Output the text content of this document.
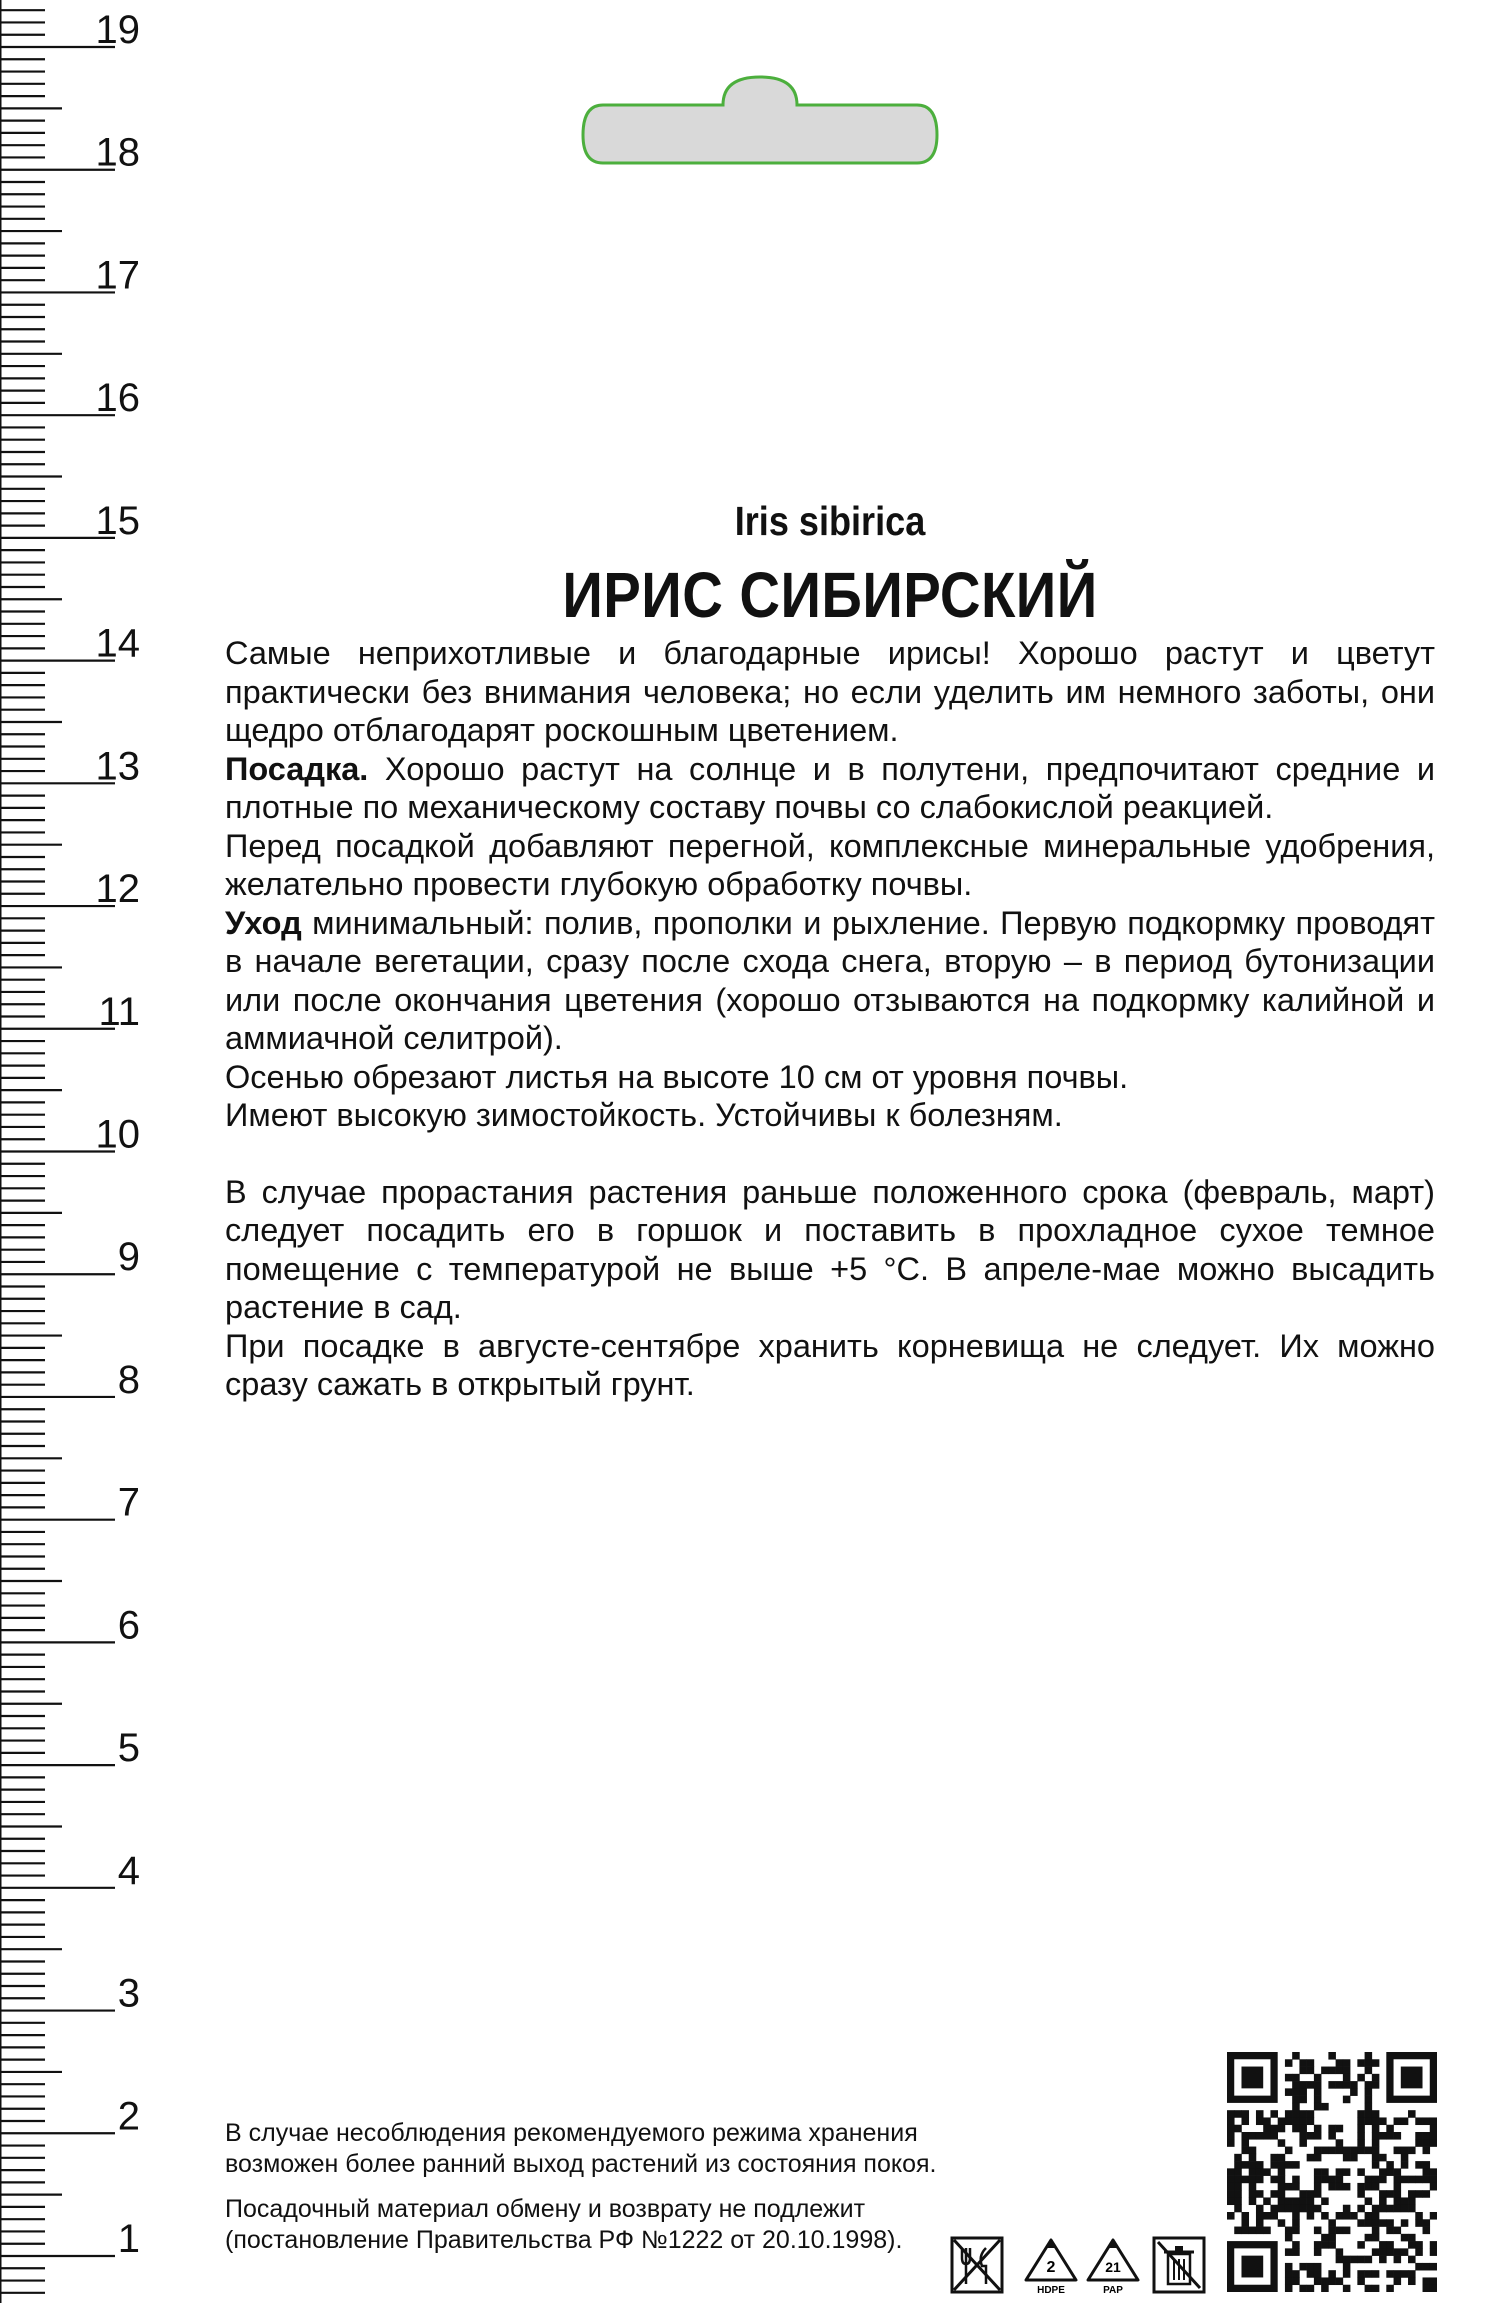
19
18
17
16
15
14
13
12
11
10
9
8
7
6
5
4
3
2
1
Iris sibirica
ИРИС СИБИРСКИЙ

Самые неприхотливые и благодарные ирисы! Хорошо растут и цветут практически без внимания человека; но если уделить им немного заботы, они щедро отблагодарят роскошным цветением.

Посадка. Хорошо растут на солнце и в полутени, предпочитают средние и плотные по механическому составу почвы со слабокислой реакцией.

Перед посадкой добавляют перегной, комплексные минеральные удобрения, желательно провести глубокую обработку почвы.

Уход минимальный: полив, прополки и рыхление. Первую подкормку проводят в начале вегетации, сразу после схода снега, вторую – в период бутонизации или после окончания цветения (хорошо отзываются на подкормку калийной и аммиачной селитрой).

Осенью обрезают листья на высоте 10 см от уровня почвы.

Имеют высокую зимостойкость. Устойчивы к болезням.

В случае прорастания растения раньше положенного срока (февраль, март) следует посадить его в горшок и поставить в прохладное сухое темное помещение с температурой не выше +5 °С. В апреле-мае можно высадить растение в сад.

При посадке в августе-сентябре хранить корневища не следует. Их можно сразу сажать в открытый грунт.

В случае несоблюдения рекомендуемого режима хранения возможен более ранний выход растений из состояния покоя.

Посадочный материал обмену и возврату не подлежит (постановление Правительства РФ №1222 от 20.10.1998).

2
HDPE
21
PAP
